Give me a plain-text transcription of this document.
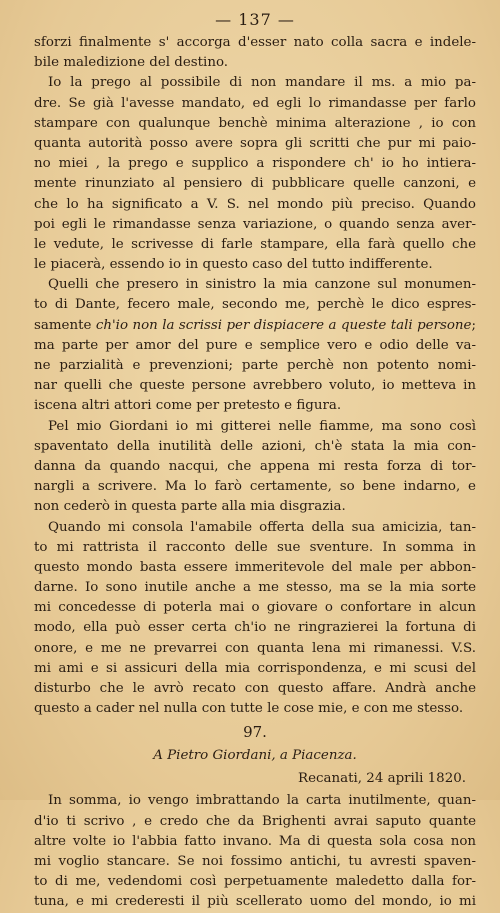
— 137 —
sforzi finalmente s' accorga d'esser nato colla sacra e indele-
bile maledizione del destino.
Io la prego al possibile di non mandare il ms. a mio pa-
dre. Se già l'avesse mandato, ed egli lo rimandasse per farlo
stampare con qualunque benchè minima alterazione , io con
quanta autorità posso avere sopra gli scritti che pur mi paio-
no miei , la prego e supplico a rispondere ch' io ho intiera-
mente rinunziato al pensiero di pubblicare quelle canzoni, e
che lo ha significato a V. S. nel mondo più preciso. Quando
poi egli le rimandasse senza variazione, o quando senza aver-
le vedute, le scrivesse di farle stampare, ella farà quello che
le piacerà, essendo io in questo caso del tutto indifferente.
Quelli che presero in sinistro la mia canzone sul monumen-
to di Dante, fecero male, secondo me, perchè le dico espres-
samente ch'io non la scrissi per dispiacere a queste tali persone;
ma parte per amor del pure e semplice vero e odio delle va-
ne parzialità e prevenzioni; parte perchè non potento nomi-
nar quelli che queste persone avrebbero voluto, io metteva in
iscena altri attori come per pretesto e figura.
Pel mio Giordani io mi gitterei nelle fiamme, ma sono così
spaventato della inutilità delle azioni, ch'è stata la mia con-
danna da quando nacqui, che appena mi resta forza di tor-
nargli a scrivere. Ma lo farò certamente, so bene indarno, e
non cederò in questa parte alla mia disgrazia.
Quando mi consola l'amabile offerta della sua amicizia, tan-
to mi rattrista il racconto delle sue sventure. In somma in
questo mondo basta essere immeritevole del male per abbon-
darne. Io sono inutile anche a me stesso, ma se la mia sorte
mi concedesse di poterla mai o giovare o confortare in alcun
modo, ella può esser certa ch'io ne ringrazierei la fortuna di
onore, e me ne prevarrei con quanta lena mi rimanessi. V.S.
mi ami e si assicuri della mia corrispondenza, e mi scusi del
disturbo che le avrò recato con questo affare. Andrà anche
questo a cader nel nulla con tutte le cose mie, e con me stesso.
97.
A Pietro Giordani, a Piacenza.
Recanati, 24 aprili 1820.
In somma, io vengo imbrattando la carta inutilmente, quan-
d'io ti scrivo , e credo che da Brighenti avrai saputo quante
altre volte io l'abbia fatto invano. Ma di questa sola cosa non
mi voglio stancare. Se noi fossimo antichi, tu avresti spaven-
to di me, vedendomi così perpetuamente maledetto dalla for-
tuna, e mi crederesti il più scellerato uomo del mondo, io mi
